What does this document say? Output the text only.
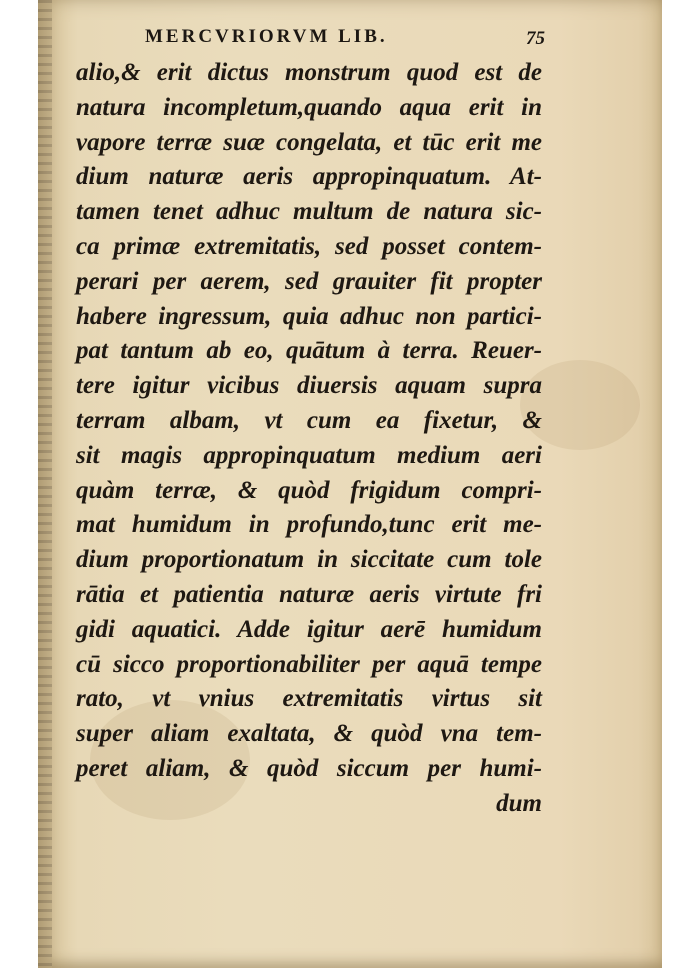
MERCVRIORVM LIB.	75
alio,& erit dictus monstrum quod est de
natura incompletum,quando aqua erit in
vapore terræ suæ congelata, et tūc erit me
dium naturæ aeris appropinquatum. At-
tamen tenet adhuc multum de natura sic-
ca primæ extremitatis, sed posset contem-
perari per aerem, sed grauiter fit propter
habere ingressum, quia adhuc non partici-
pat tantum ab eo, quātum à terra. Reuer-
tere igitur vicibus diuersis aquam supra
terram albam, vt cum ea fixetur, &
sit magis appropinquatum medium aeri
quàm terræ, & quòd frigidum compri-
mat humidum in profundo,tunc erit me-
dium proportionatum in siccitate cum tole
rātia et patientia naturæ aeris virtute fri
gidi aquatici. Adde igitur aerē humidum
cū sicco proportionabiliter per aquā tempe
rato, vt vnius extremitatis virtus sit
super aliam exaltata, & quòd vna tem-
peret aliam, & quòd siccum per humi-
dum
